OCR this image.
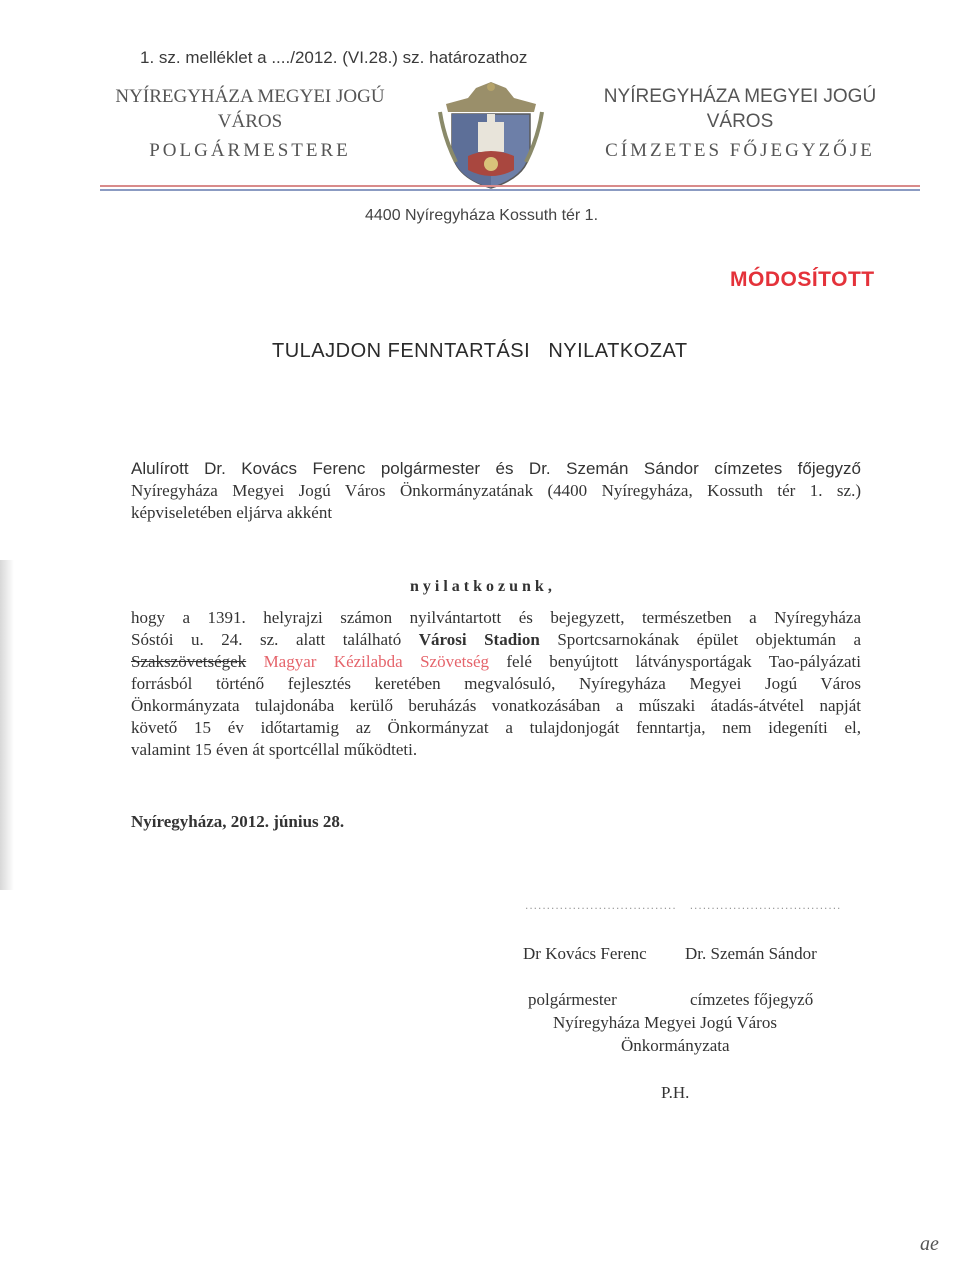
1. sz. melléklet a ..../2012. (VI.28.) sz. határozathoz
NYÍREGYHÁZA MEGYEI JOGÚ
VÁROS
POLGÁRMESTERE
NYÍREGYHÁZA MEGYEI JOGÚ
VÁROS
CÍMZETES FŐJEGYZŐJE
4400 Nyíregyháza Kossuth tér 1.
MÓDOSÍTOTT
TULAJDON FENNTARTÁSI   NYILATKOZAT
Alulírott Dr. Kovács Ferenc polgármester és Dr. Szemán Sándor címzetes főjegyző
Nyíregyháza Megyei Jogú Város Önkormányzatának (4400 Nyíregyháza, Kossuth tér 1. sz.)
képviseletében eljárva akként
nyilatkozunk,
hogy a 1391. helyrajzi számon nyilvántartott és bejegyzett, természetben a Nyíregyháza
Sóstói u. 24. sz. alatt található Városi Stadion Sportcsarnokának épület objektumán a
Szakszövetségek Magyar Kézilabda Szövetség felé benyújtott látványsportágak Tao-pályázati
forrásból történő fejlesztés keretében megvalósuló, Nyíregyháza Megyei Jogú Város
Önkormányzata tulajdonába kerülő beruházás vonatkozásában a műszaki átadás-átvétel napját
követő 15 év időtartamig az Önkormányzat a tulajdonjogát fenntartja, nem idegeníti el,
valamint 15 éven át sportcéllal működteti.
Nyíregyháza, 2012. június 28.
...................................   ...................................
Dr Kovács Ferenc Dr. Szemán Sándor
polgármester	címzetes főjegyző
Nyíregyháza Megyei Jogú Város
Önkormányzata
P.H.
ae
